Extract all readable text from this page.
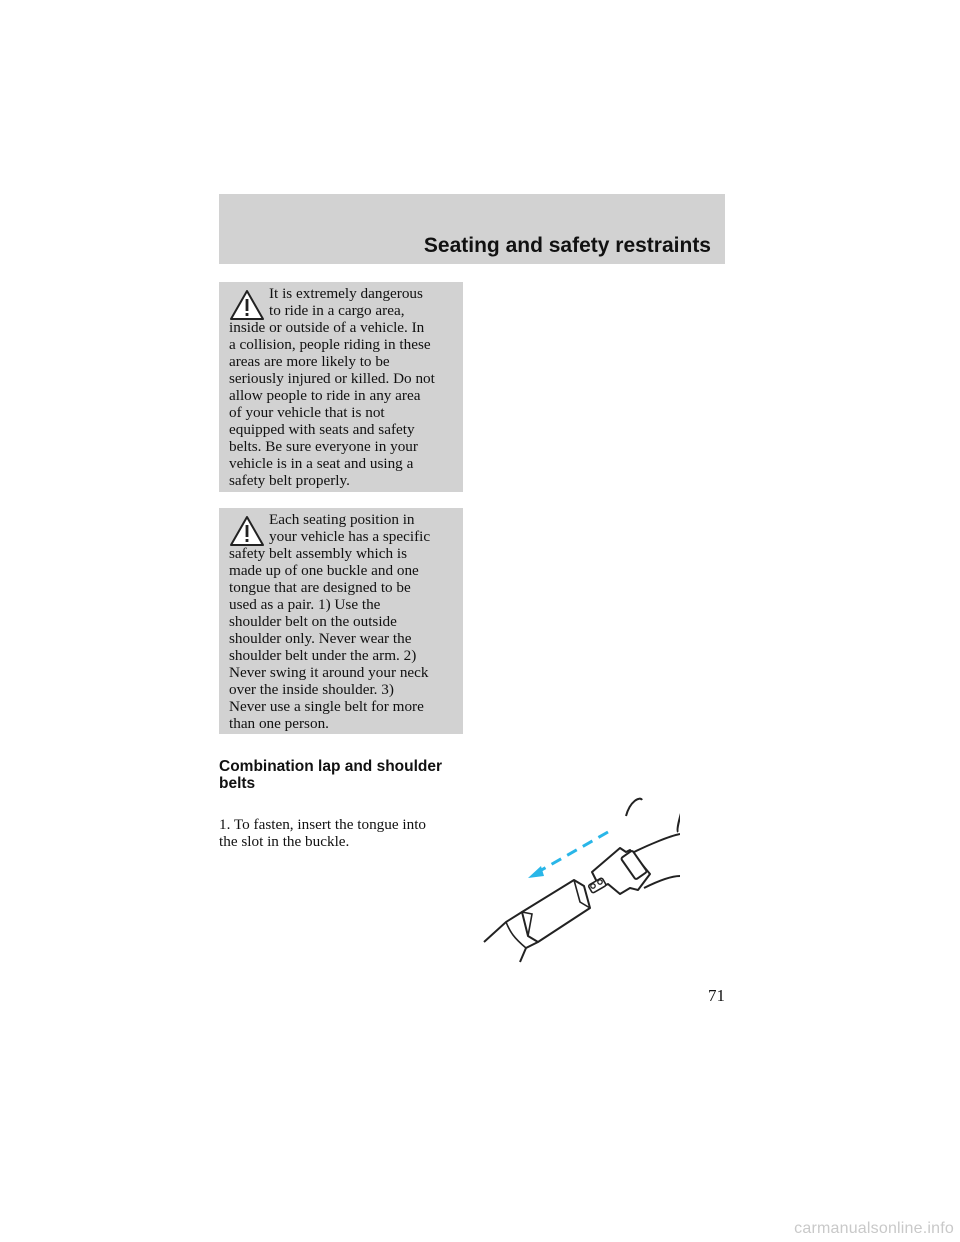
Seating and safety restraints

It is extremely dangerous
to ride in a cargo area,
inside or outside of a vehicle. In
a collision, people riding in these
areas are more likely to be
seriously injured or killed. Do not
allow people to ride in any area
of your vehicle that is not
equipped with seats and safety
belts. Be sure everyone in your
vehicle is in a seat and using a
safety belt properly.

Each seating position in
your vehicle has a specific
safety belt assembly which is
made up of one buckle and one
tongue that are designed to be
used as a pair. 1) Use the
shoulder belt on the outside
shoulder only. Never wear the
shoulder belt under the arm. 2)
Never swing it around your neck
over the inside shoulder. 3)
Never use a single belt for more
than one person.

Combination lap and shoulder
belts

1. To fasten, insert the tongue into
the slot in the buckle.

71

carmanualsonline.info
